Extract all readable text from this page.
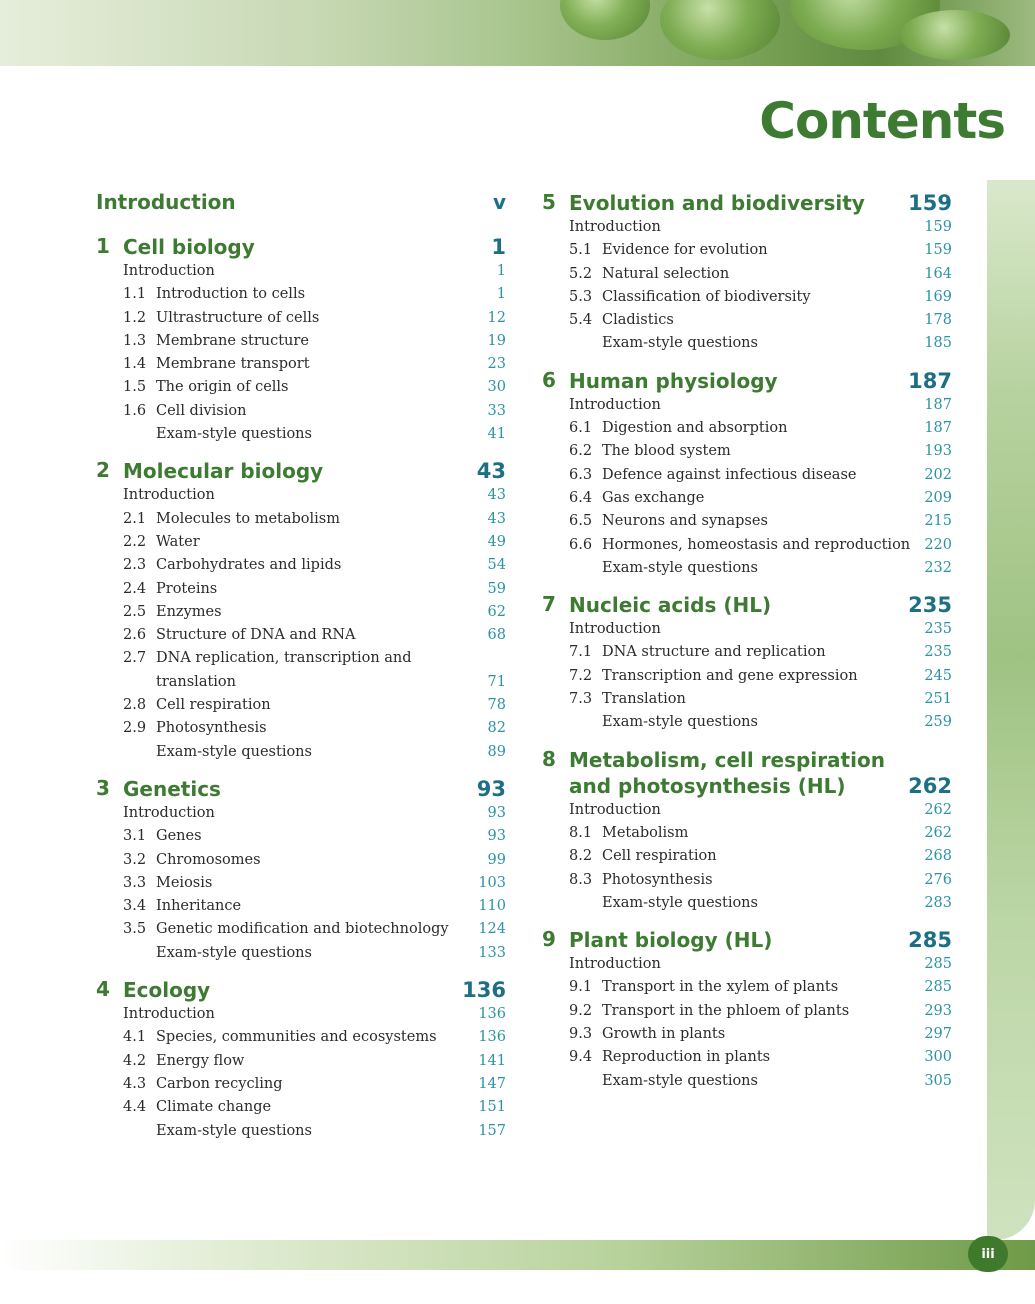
iii
Contents
Introduction	v
1 Cell biology	1
Introduction	1
1.1 Introduction to cells	1
1.2 Ultrastructure of cells	12
1.3 Membrane structure	19
1.4 Membrane transport	23
1.5 The origin of cells	30
1.6 Cell division	33
Exam-style questions	41
2 Molecular biology	43
Introduction	43
2.1 Molecules to metabolism	43
2.2 Water	49
2.3 Carbohydrates and lipids	54
2.4 Proteins	59
2.5 Enzymes	62
2.6 Structure of DNA and RNA	68
2.7 DNA replication, transcription and
translation	71
2.8 Cell respiration	78
2.9 Photosynthesis	82
Exam-style questions	89
3 Genetics	93
Introduction	93
3.1 Genes	93
3.2 Chromosomes	99
3.3 Meiosis	103
3.4 Inheritance	110
3.5 Genetic modification and biotechnology 124
Exam-style questions	133
4 Ecology	136
Introduction	136
4.1 Species, communities and ecosystems	136
4.2 Energy flow	141
4.3 Carbon recycling	147
4.4 Climate change	151
Exam-style questions	157
5 Evolution and biodiversity 159
Introduction	159
5.1 Evidence for evolution	159
5.2 Natural selection	164
5.3 Classification of biodiversity	169
5.4 Cladistics	178
Exam-style questions	185
6 Human physiology	187
Introduction	187
6.1 Digestion and absorption	187
6.2 The blood system	193
6.3 Defence against infectious disease	202
6.4 Gas exchange	209
6.5 Neurons and synapses	215
6.6 Hormones, homeostasis and reproduction 220
Exam-style questions	232
7 Nucleic acids (HL)	235
Introduction	235
7.1 DNA structure and replication	235
7.2 Transcription and gene expression	245
7.3 Translation	251
Exam-style questions	259
8 Metabolism, cell respiration
and photosynthesis (HL)	262
Introduction	262
8.1 Metabolism	262
8.2 Cell respiration	268
8.3 Photosynthesis	276
Exam-style questions	283
9 Plant biology (HL)	285
Introduction	285
9.1 Transport in the xylem of plants	285
9.2 Transport in the phloem of plants	293
9.3 Growth in plants	297
9.4 Reproduction in plants	300
Exam-style questions	305
